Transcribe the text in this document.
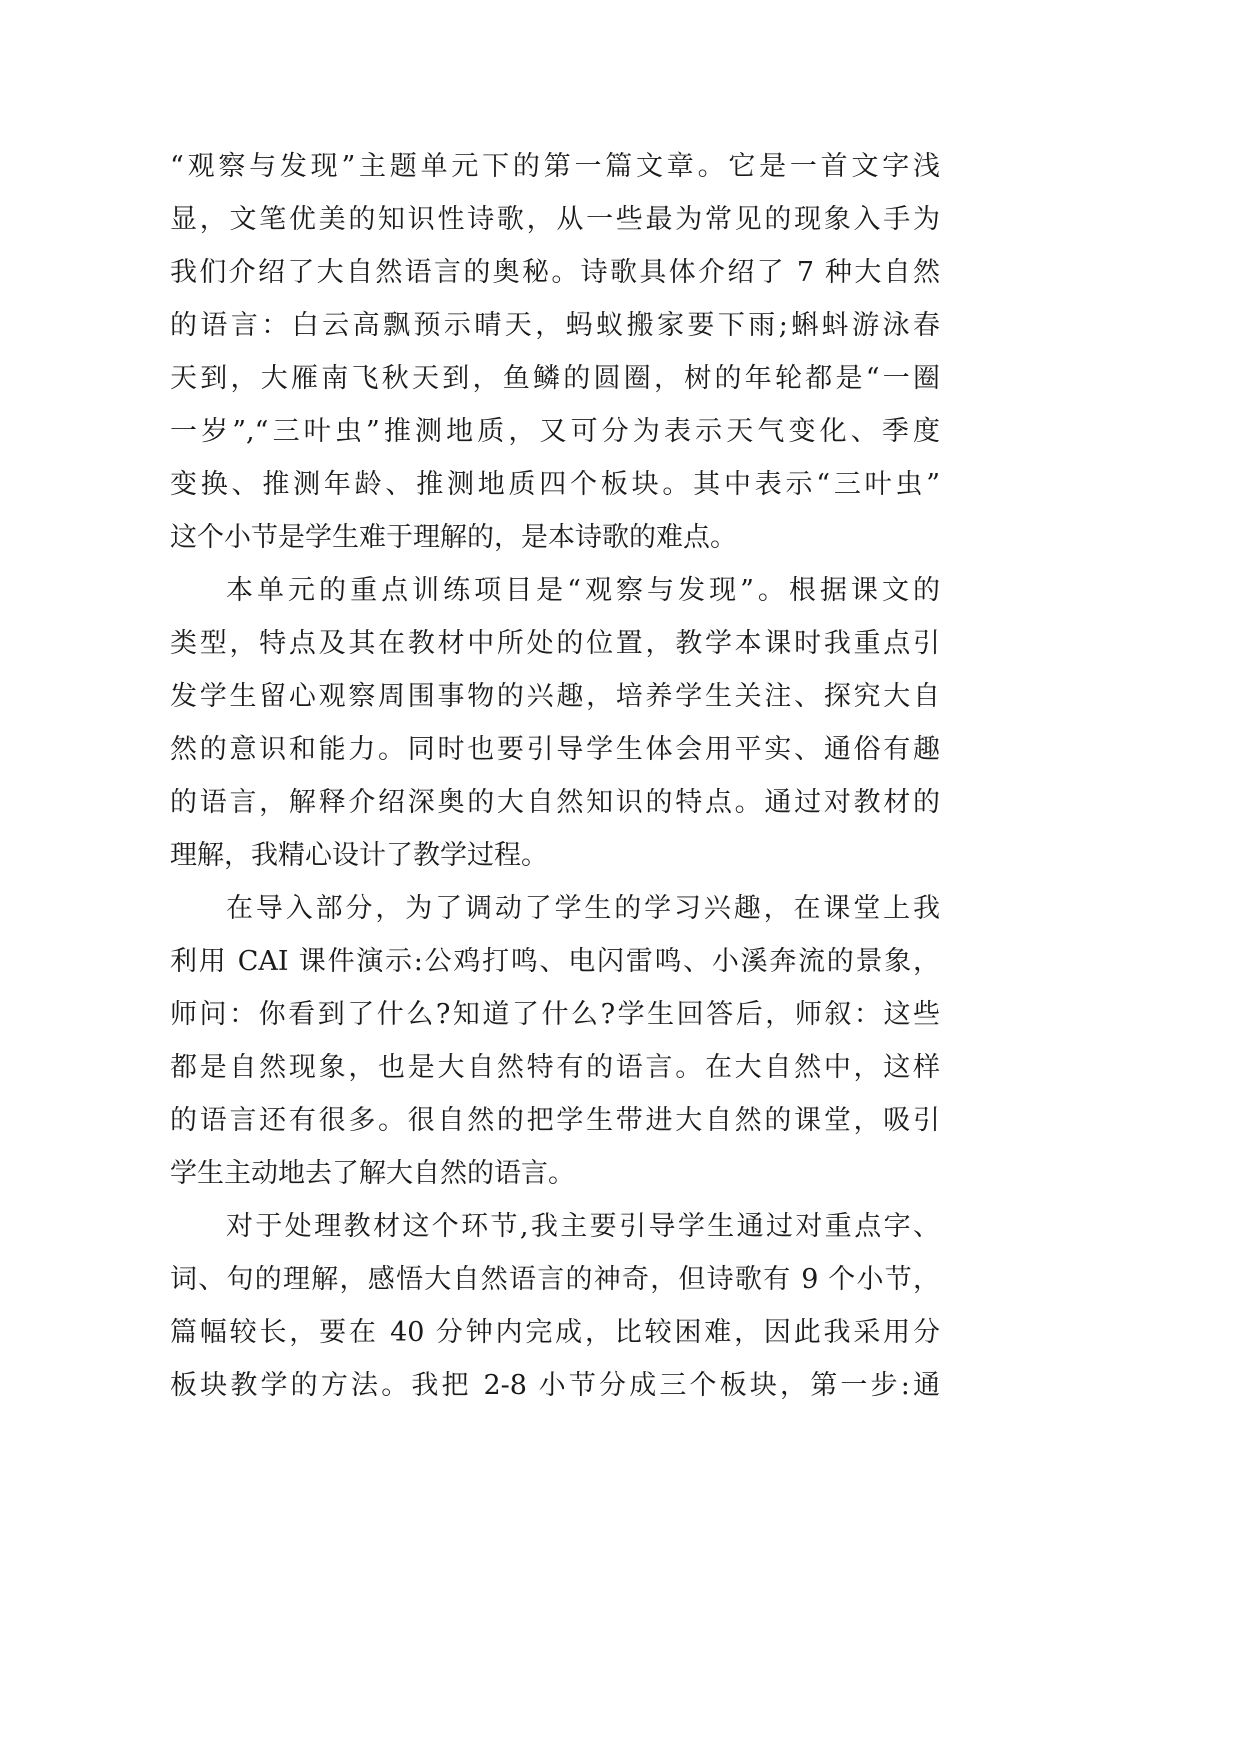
“观察与发现”主题单元下的第一篇文章。它是一首文字浅
显，文笔优美的知识性诗歌，从一些最为常见的现象入手为
我们介绍了大自然语言的奥秘。诗歌具体介绍了 7 种大自然
的语言：白云高飘预示晴天，蚂蚁搬家要下雨;蝌蚪游泳春
天到，大雁南飞秋天到，鱼鳞的圆圈，树的年轮都是“一圈
一岁”,“三叶虫”推测地质，又可分为表示天气变化、季度
变换、推测年龄、推测地质四个板块。其中表示“三叶虫”
这个小节是学生难于理解的，是本诗歌的难点。
本单元的重点训练项目是“观察与发现”。根据课文的
类型，特点及其在教材中所处的位置，教学本课时我重点引
发学生留心观察周围事物的兴趣，培养学生关注、探究大自
然的意识和能力。同时也要引导学生体会用平实、通俗有趣
的语言，解释介绍深奥的大自然知识的特点。通过对教材的
理解，我精心设计了教学过程。
在导入部分，为了调动了学生的学习兴趣，在课堂上我
利用 CAI 课件演示:公鸡打鸣、电闪雷鸣、小溪奔流的景象，
师问：你看到了什么?知道了什么?学生回答后，师叙：这些
都是自然现象，也是大自然特有的语言。在大自然中，这样
的语言还有很多。很自然的把学生带进大自然的课堂，吸引
学生主动地去了解大自然的语言。
对于处理教材这个环节,我主要引导学生通过对重点字、
词、句的理解，感悟大自然语言的神奇，但诗歌有 9 个小节，
篇幅较长，要在 40 分钟内完成，比较困难，因此我采用分
板块教学的方法。我把 2-8 小节分成三个板块，第一步:通
